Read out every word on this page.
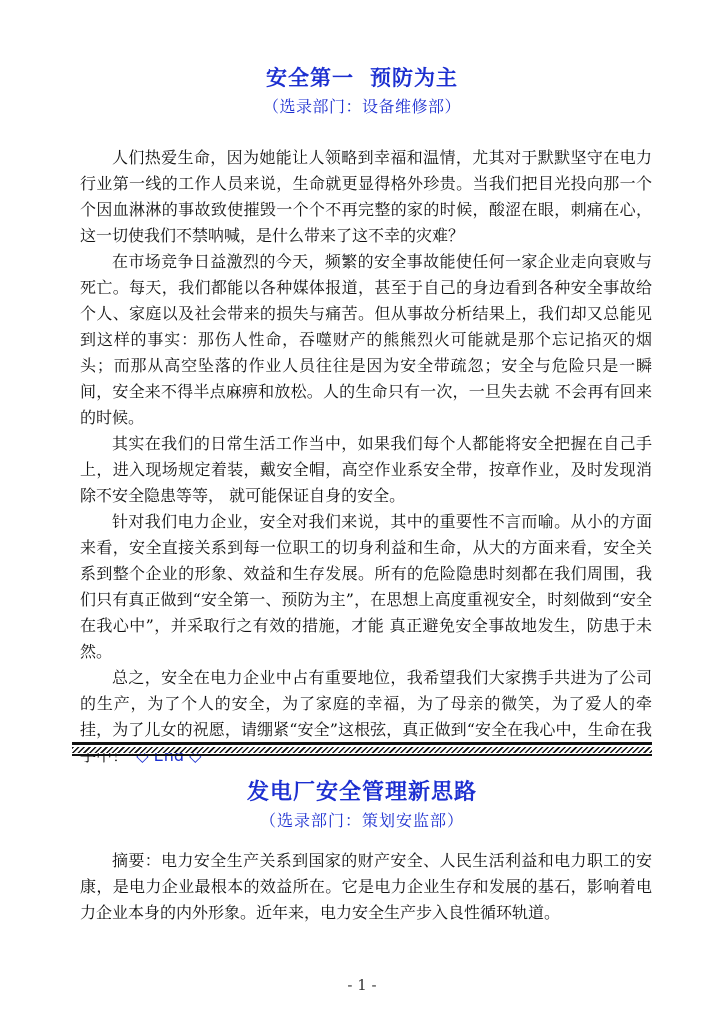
安全第一 预防为主
（选录部门：设备维修部）

人们热爱生命，因为她能让人领略到幸福和温情，尤其对于默默坚守在电力行业第一线的工作人员来说，生命就更显得格外珍贵。当我们把目光投向那一个个因血淋淋的事故致使摧毁一个个不再完整的家的时候，酸涩在眼，刺痛在心，这一切使我们不禁呐喊，是什么带来了这不幸的灾难？

在市场竞争日益激烈的今天，频繁的安全事故能使任何一家企业走向衰败与死亡。每天，我们都能以各种媒体报道，甚至于自己的身边看到各种安全事故给个人、家庭以及社会带来的损失与痛苦。但从事故分析结果上，我们却又总能见到这样的事实：那伤人性命，吞噬财产的熊熊烈火可能就是那个忘记掐灭的烟头；而那从高空坠落的作业人员往往是因为安全带疏忽；安全与危险只是一瞬间，安全来不得半点麻痹和放松。人的生命只有一次，一旦失去就 不会再有回来的时候。

其实在我们的日常生活工作当中，如果我们每个人都能将安全把握在自己手上，进入现场规定着装，戴安全帽，高空作业系安全带，按章作业，及时发现消除不安全隐患等等， 就可能保证自身的安全。

针对我们电力企业，安全对我们来说，其中的重要性不言而喻。从小的方面来看，安全直接关系到每一位职工的切身利益和生命，从大的方面来看，安全关系到整个企业的形象、效益和生存发展。所有的危险隐患时刻都在我们周围，我们只有真正做到“安全第一、预防为主”，在思想上高度重视安全，时刻做到“安全在我心中”，并采取行之有效的措施，才能 真正避免安全事故地发生，防患于未然。

总之，安全在电力企业中占有重要地位，我希望我们大家携手共进为了公司的生产，为了个人的安全，为了家庭的幸福，为了母亲的微笑，为了爱人的牵挂，为了儿女的祝愿，请绷紧“安全”这根弦，真正做到“安全在我心中，生命在我

发电厂安全管理新思路
（选录部门：策划安监部）

摘要：电力安全生产关系到国家的财产安全、人民生活利益和电力职工的安康，是电力企业最根本的效益所在。它是电力企业生存和发展的基石，影响着电力企业本身的内外形象。近年来，电力安全生产步入良性循环轨道。

- 1 -
